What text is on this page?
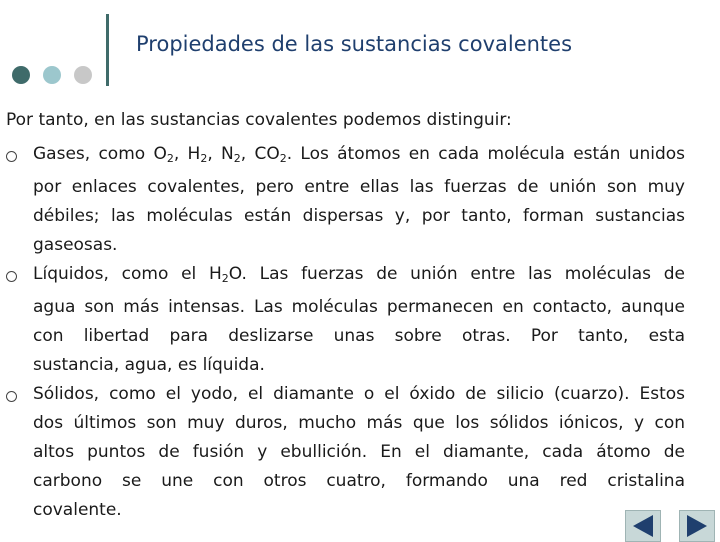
Propiedades de las sustancias covalentes
Por tanto, en las sustancias covalentes podemos distinguir:
Gases, como $O_2$, $H_2$, $N_2$, $CO_2$. Los átomos en cada molécula están unidos
por enlaces covalentes, pero entre ellas las fuerzas de unión son muy
débiles; las moléculas están dispersas y, por tanto, forman sustancias
gaseosas.
Líquidos, como el $H_2O$. Las fuerzas de unión entre las moléculas de
agua son más intensas. Las moléculas permanecen en contacto, aunque
con libertad para deslizarse unas sobre otras. Por tanto, esta
sustancia, agua, es líquida.
Sólidos, como el yodo, el diamante o el óxido de silicio (cuarzo). Estos
dos últimos son muy duros, mucho más que los sólidos iónicos, y con
altos puntos de fusión y ebullición. En el diamante, cada átomo de
carbono se une con otros cuatro, formando una red cristalina
covalente.
